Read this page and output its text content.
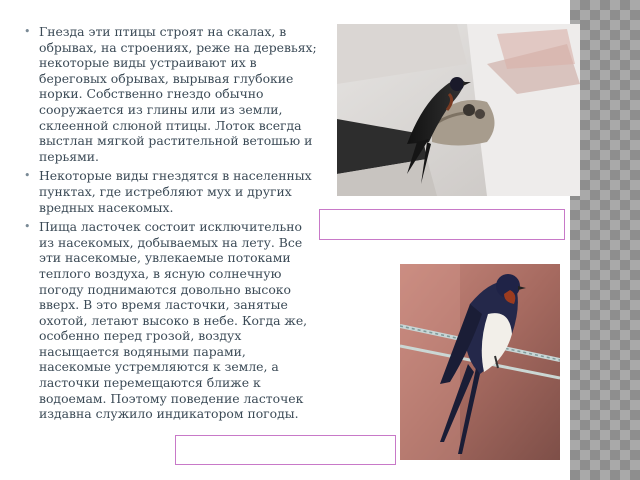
• Гнезда эти птицы строят на скалах, в обрывах, на строениях, реже на деревьях; некоторые виды устраивают их в береговых обрывах, вырывая глубокие норки. Собственно гнездо обычно сооружается из глины или из земли, склеенной слюной птицы. Лоток всегда выстлан мягкой растительной ветошью и перьями.
• Некоторые виды гнездятся в населенных пунктах, где истребляют мух и других вредных насекомых.
• Пища ласточек состоит исключительно из насекомых, добываемых на лету. Все эти насекомые, увлекаемые потоками теплого воздуха, в ясную солнечную погоду поднимаются довольно высоко вверх. В это время ласточки, занятые охотой, летают высоко в небе. Когда же, особенно перед грозой, воздух насыщается водяными парами, насекомые устремляются к земле, а ласточки перемещаются ближе к водоемам. Поэтому поведение ласточек издавна служило индикатором погоды.
